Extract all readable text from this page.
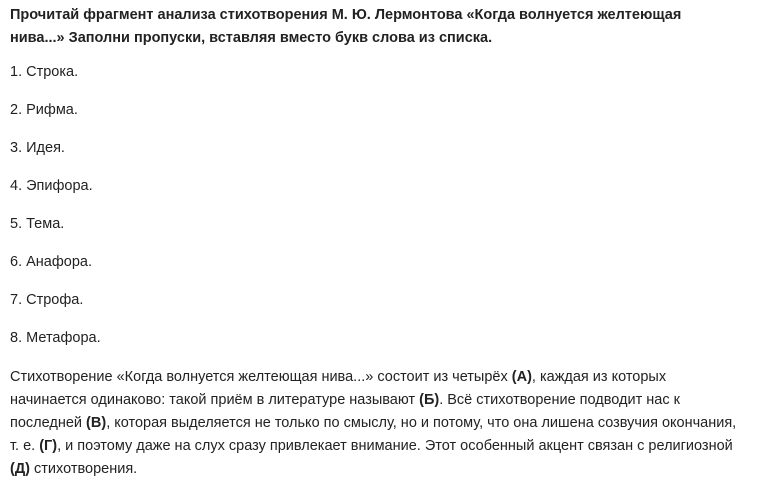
Прочитай фрагмент анализа стихотворения М. Ю. Лермонтова «Когда волнуется желтеющая нива...» Заполни пропуски, вставляя вместо букв слова из списка.

1. Строка.
2. Рифма.
3. Идея.
4. Эпифора.
5. Тема.
6. Анафора.
7. Строфа.
8. Метафора.

Стихотворение «Когда волнуется желтеющая нива...» состоит из четырёх (А), каждая из которых начинается одинаково: такой приём в литературе называют (Б). Всё стихотворение подводит нас к последней (В), которая выделяется не только по смыслу, но и потому, что она лишена созвучия окончания, т. е. (Г), и поэтому даже на слух сразу привлекает внимание. Этот особенный акцент связан с религиозной (Д) стихотворения.
